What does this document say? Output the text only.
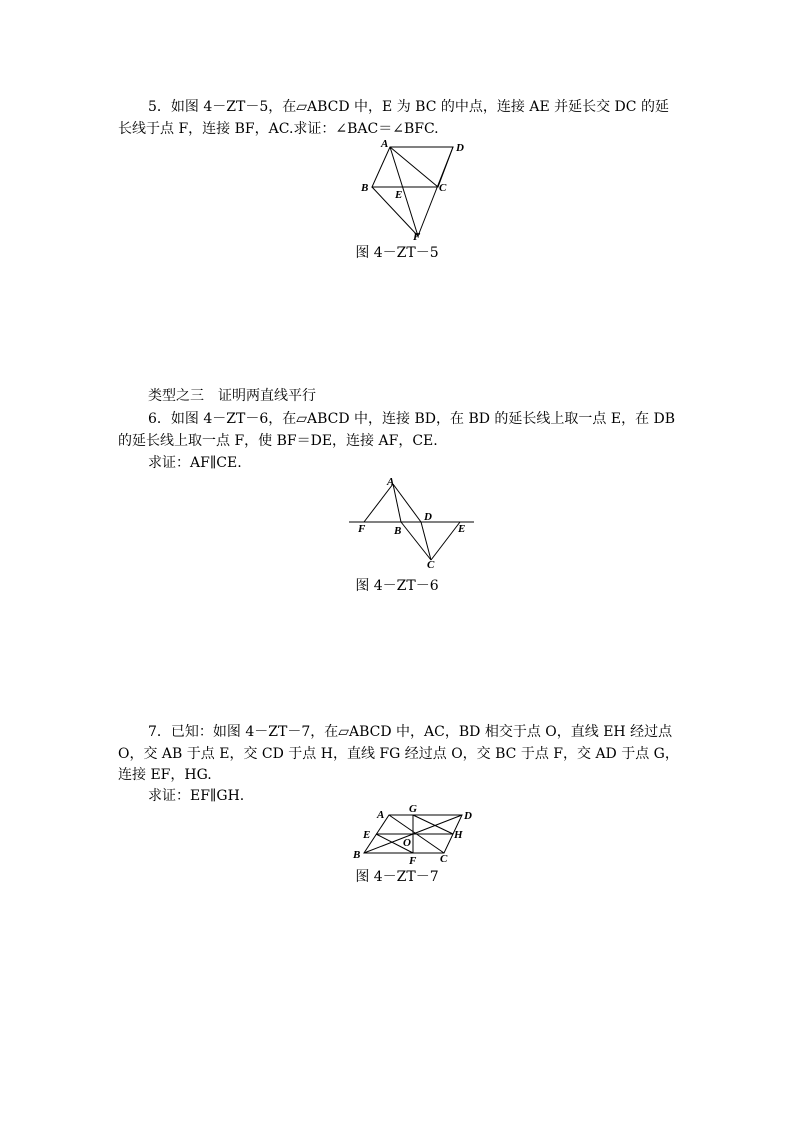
5．如图 4－ZT－5，在▱ABCD 中，E 为 BC 的中点，连接 AE 并延长交 DC 的延
长线于点 F，连接 BF，AC.求证：∠BAC＝∠BFC.
A	D
B
E
C
F
图 4－ZT－5
类型之三　证明两直线平行
6．如图 4－ZT－6，在▱ABCD 中，连接 BD，在 BD 的延长线上取一点 E，在 DB
的延长线上取一点 F，使 BF＝DE，连接 AF，CE.
求证：AF∥CE.
A
D
F	B	E
C
图 4－ZT－6
7．已知：如图 4－ZT－7，在▱ABCD 中，AC，BD 相交于点 O，直线 EH 经过点
O，交 AB 于点 E，交 CD 于点 H，直线 FG 经过点 O，交 BC 于点 F，交 AD 于点 G，
连接 EF，HG.
求证：EF∥GH.
A G
D
E	H
O
B	F C
图 4－ZT－7
